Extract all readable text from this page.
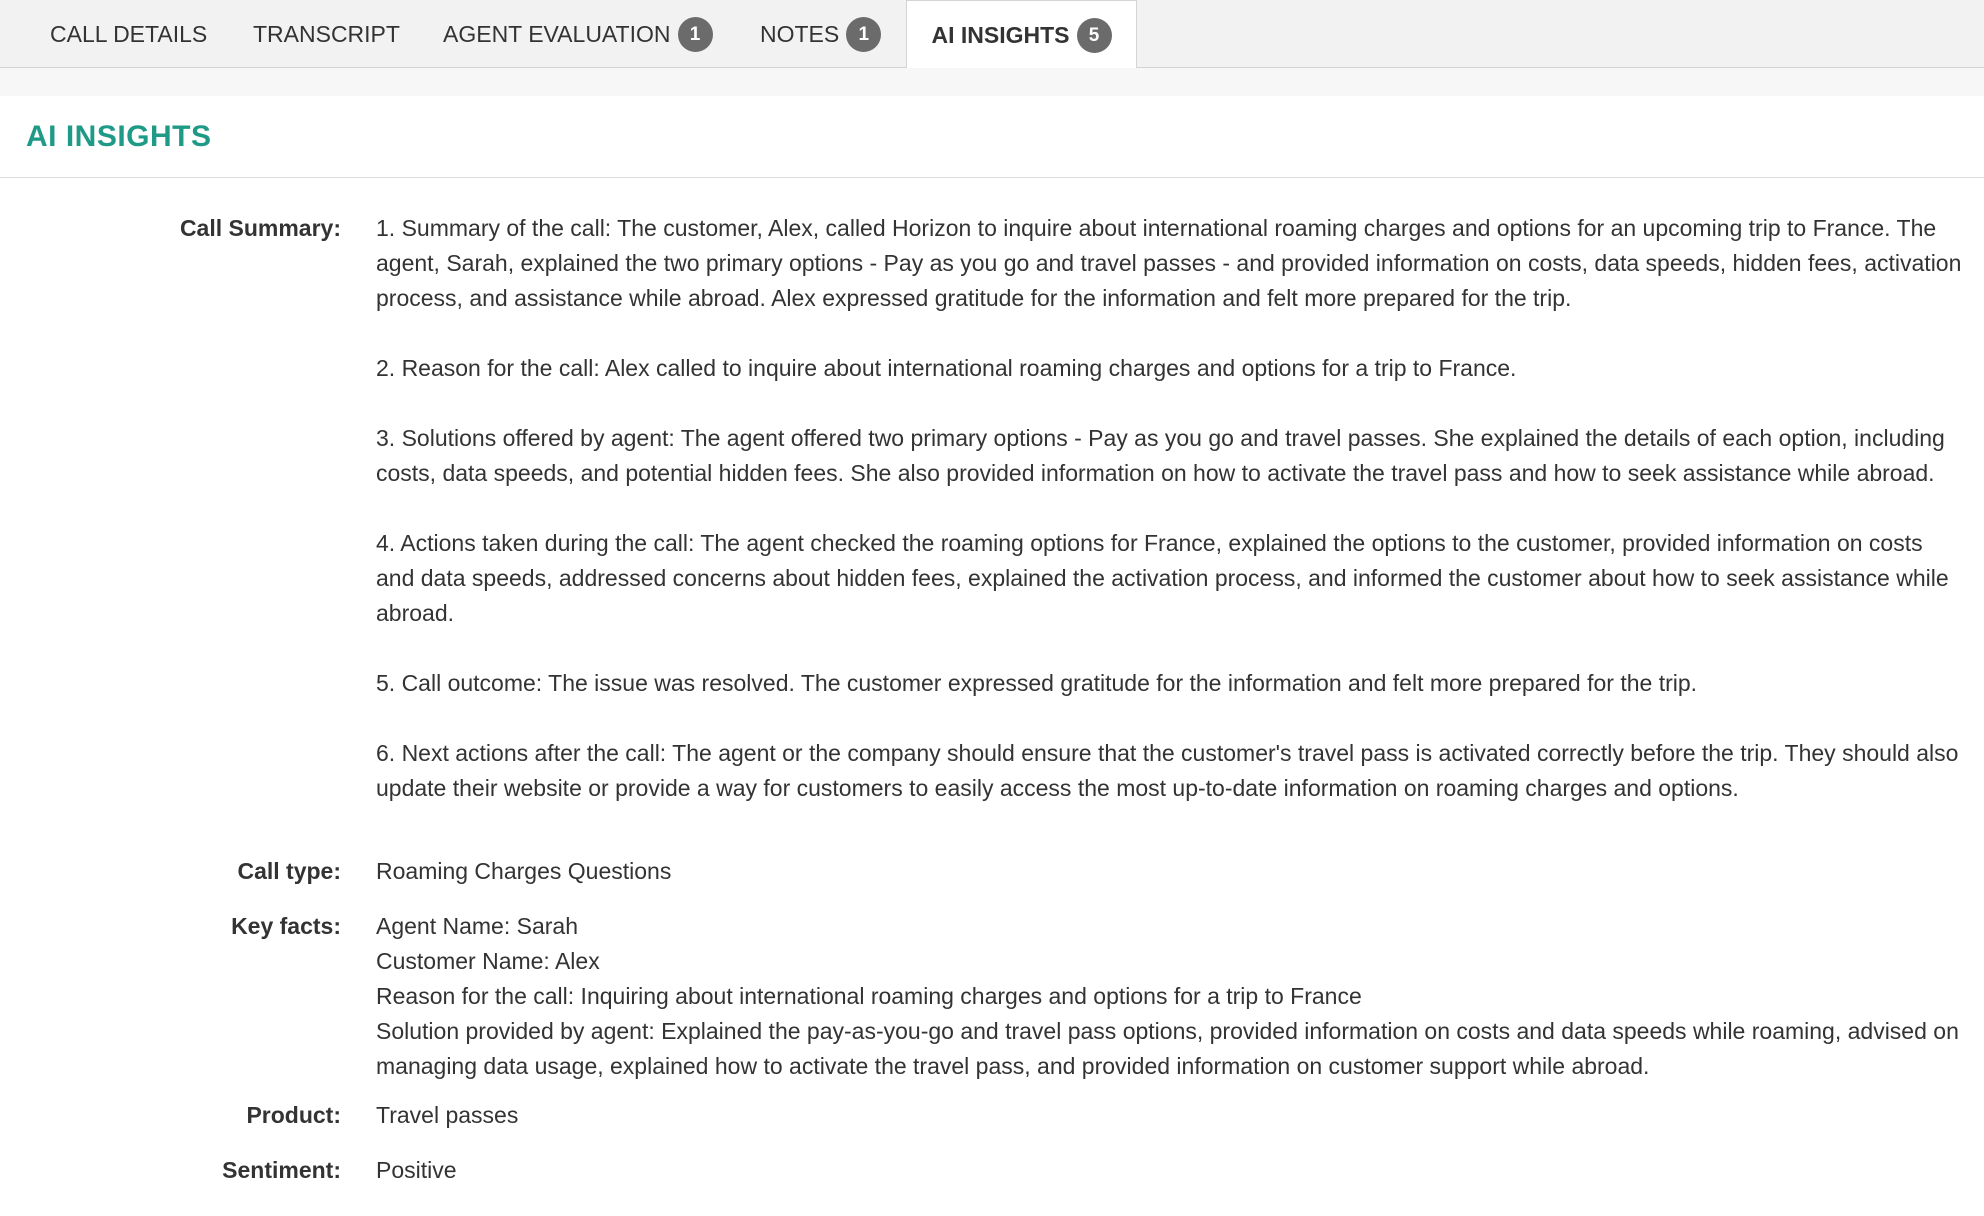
CALL DETAILS TRANSCRIPT AGENT EVALUATION	1	NOTES	1	AI INSIGHTS	5
AI INSIGHTS
Call Summary: 1. Summary of the call: The customer, Alex, called Horizon to inquire about international roaming charges and options for an upcoming trip to France. The agent, Sarah, explained the two primary options - Pay as you go and travel passes - and provided information on costs, data speeds, hidden fees, activation process, and assistance while abroad. Alex expressed gratitude for the information and felt more prepared for the trip.

2. Reason for the call: Alex called to inquire about international roaming charges and options for a trip to France.

3. Solutions offered by agent: The agent offered two primary options - Pay as you go and travel passes. She explained the details of each option, including costs, data speeds, and potential hidden fees. She also provided information on how to activate the travel pass and how to seek assistance while abroad.

4. Actions taken during the call: The agent checked the roaming options for France, explained the options to the customer, provided information on costs and data speeds, addressed concerns about hidden fees, explained the activation process, and informed the customer about how to seek assistance while abroad.

5. Call outcome: The issue was resolved. The customer expressed gratitude for the information and felt more prepared for the trip.

6. Next actions after the call: The agent or the company should ensure that the customer's travel pass is activated correctly before the trip. They should also update their website or provide a way for customers to easily access the most up-to-date information on roaming charges and options.

Call type: Roaming Charges Questions
Key facts: Agent Name: Sarah
Customer Name: Alex
Reason for the call: Inquiring about international roaming charges and options for a trip to France
Solution provided by agent: Explained the pay-as-you-go and travel pass options, provided information on costs and data speeds while roaming, advised on managing data usage, explained how to activate the travel pass, and provided information on customer support while abroad.
Product: Travel passes
Sentiment: Positive
